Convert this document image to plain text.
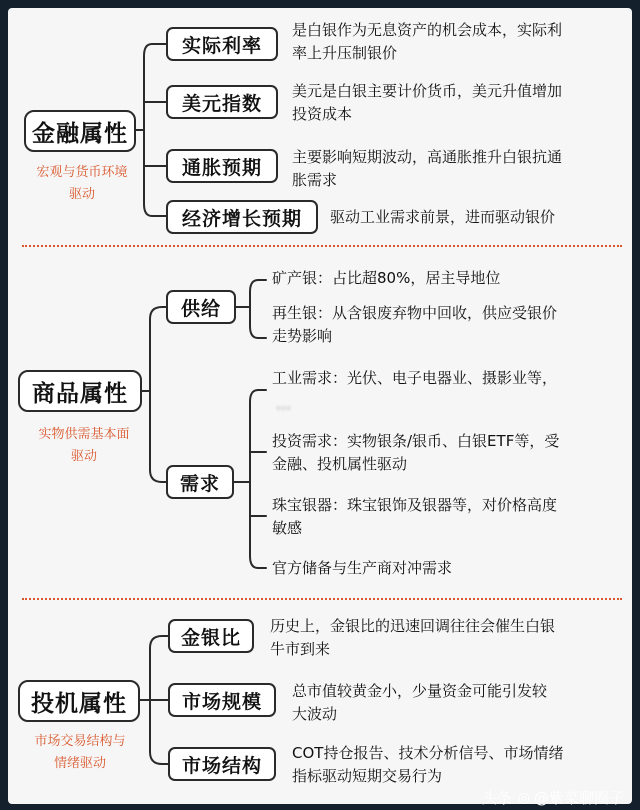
金融属性
宏观与货币环境
驱动
实际利率
是白银作为无息资产的机会成本，实际利
率上升压制银价
美元指数
美元是白银主要计价货币，美元升值增加
投资成本
通胀预期	主要影响短期波动，高通胀推升白银抗通
胀需求
经济增长预期	驱动工业需求前景，进而驱动银价
商品属性
实物供需基本面
驱动
供给
矿产银：占比超80%，居主导地位
再生银：从含银废弃物中回收，供应受银价
走势影响
需求
工业需求：光伏、电子电器业、摄影业等，
…
投资需求：实物银条/银币、白银ETF等，受
金融、投机属性驱动
珠宝银器：珠宝银饰及银器等，对价格高度
敏感
官方储备与生产商对冲需求
投机属性
市场交易结构与
情绪驱动
金银比
历史上，金银比的迅速回调往往会催生白银
牛市到来
市场规模	总市值较黄金小，少量资金可能引发较
大波动
市场结构
COT持仓报告、技术分析信号、市场情绪
指标驱动短期交易行为
头条 ◎ @紫菜聊圈子
